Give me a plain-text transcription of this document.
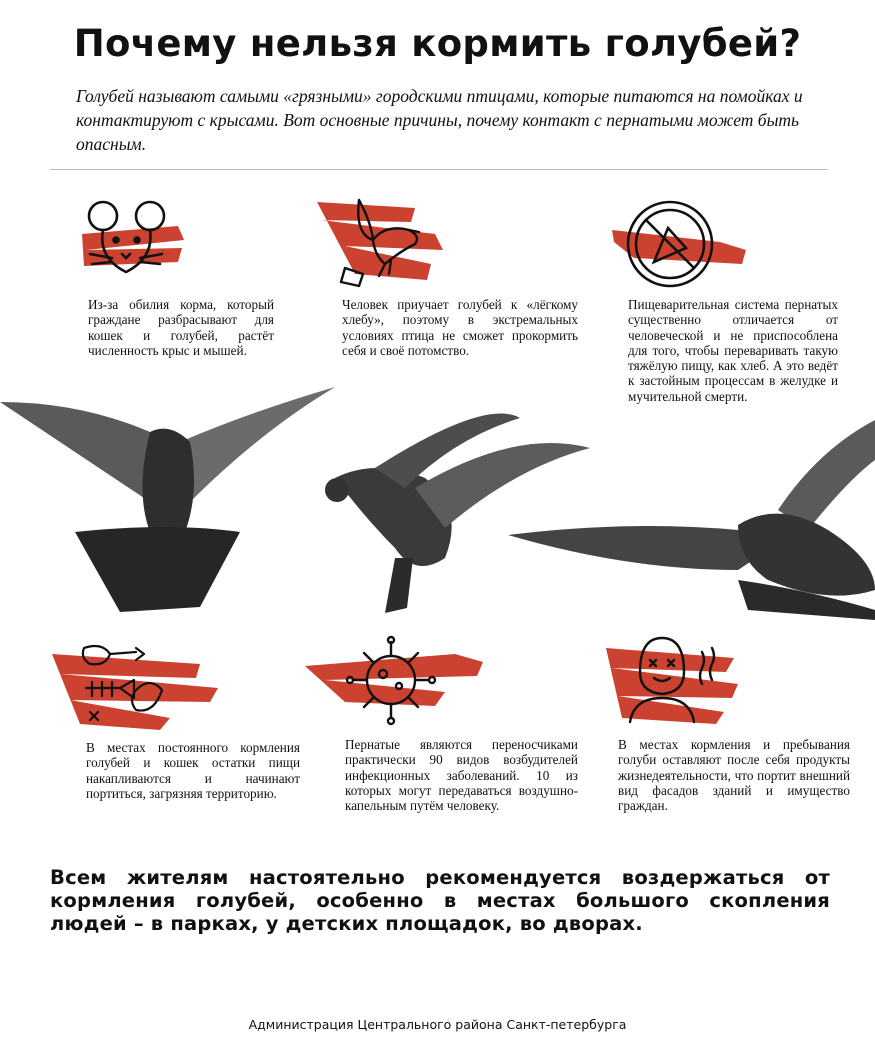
Почему нельзя кормить голубей?

Голубей называют самыми «грязными» городскими птицами, которые питаются на помойках и контактируют с крысами. Вот основные причины, почему контакт с пернатыми может быть опасным.

Из-за обилия корма, который граждане разбрасывают для кошек и голубей, растёт численность крыс и мышей.

Человек приучает голубей к «лёгкому хлебу», поэтому в экстремальных условиях птица не сможет прокормить себя и своё потомство.

Пищеварительная система пернатых существенно отличается от человеческой и не приспособлена для того, чтобы переваривать такую тяжёлую пищу, как хлеб. А это ведёт к застойным процессам в желудке и мучительной смерти.

В местах постоянного кормления голубей и кошек остатки пищи накапливаются и начинают портиться, загрязняя территорию.

Пернатые являются переносчиками практически 90 видов возбудителей инфекционных заболеваний. 10 из которых могут передаваться воздушно-капельным путём человеку.

В местах кормления и пребывания голуби оставляют после себя продукты жизнедеятельности, что портит внешний вид фасадов зданий и имущество граждан.

Всем жителям настоятельно рекомендуется воздержаться от кормления голубей, особенно в местах большого скопления людей – в парках, у детских площадок, во дворах.

Администрация Центрального района Санкт-петербурга
